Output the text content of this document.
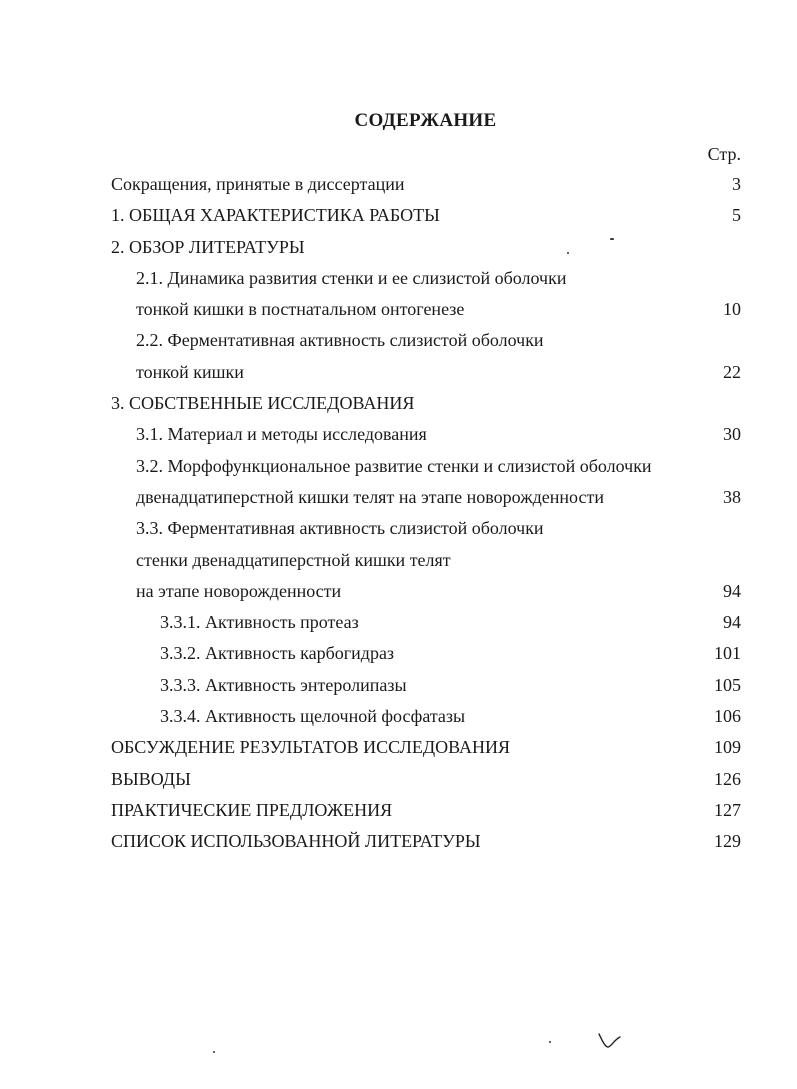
СОДЕРЖАНИЕ
Стр.
Сокращения, принятые в диссертации	3
1. ОБЩАЯ ХАРАКТЕРИСТИКА РАБОТЫ	5
2. ОБЗОР ЛИТЕРАТУРЫ
2.1. Динамика развития стенки и ее слизистой оболочки
тонкой кишки в постнатальном онтогенезе	10
2.2. Ферментативная активность слизистой оболочки
тонкой кишки	22
3. СОБСТВЕННЫЕ ИССЛЕДОВАНИЯ
3.1. Материал и методы исследования	30
3.2. Морфофункциональное развитие стенки и слизистой оболочки
двенадцатиперстной кишки телят на этапе новорожденности	38
3.3. Ферментативная активность слизистой оболочки
стенки двенадцатиперстной кишки телят
на этапе новорожденности	94
3.3.1. Активность протеаз	94
3.3.2. Активность карбогидраз	101
3.3.3. Активность энтеролипазы	105
3.3.4. Активность щелочной фосфатазы	106
ОБСУЖДЕНИЕ РЕЗУЛЬТАТОВ ИССЛЕДОВАНИЯ	109
ВЫВОДЫ	126
ПРАКТИЧЕСКИЕ ПРЕДЛОЖЕНИЯ	127
СПИСОК ИСПОЛЬЗОВАННОЙ ЛИТЕРАТУРЫ	129
